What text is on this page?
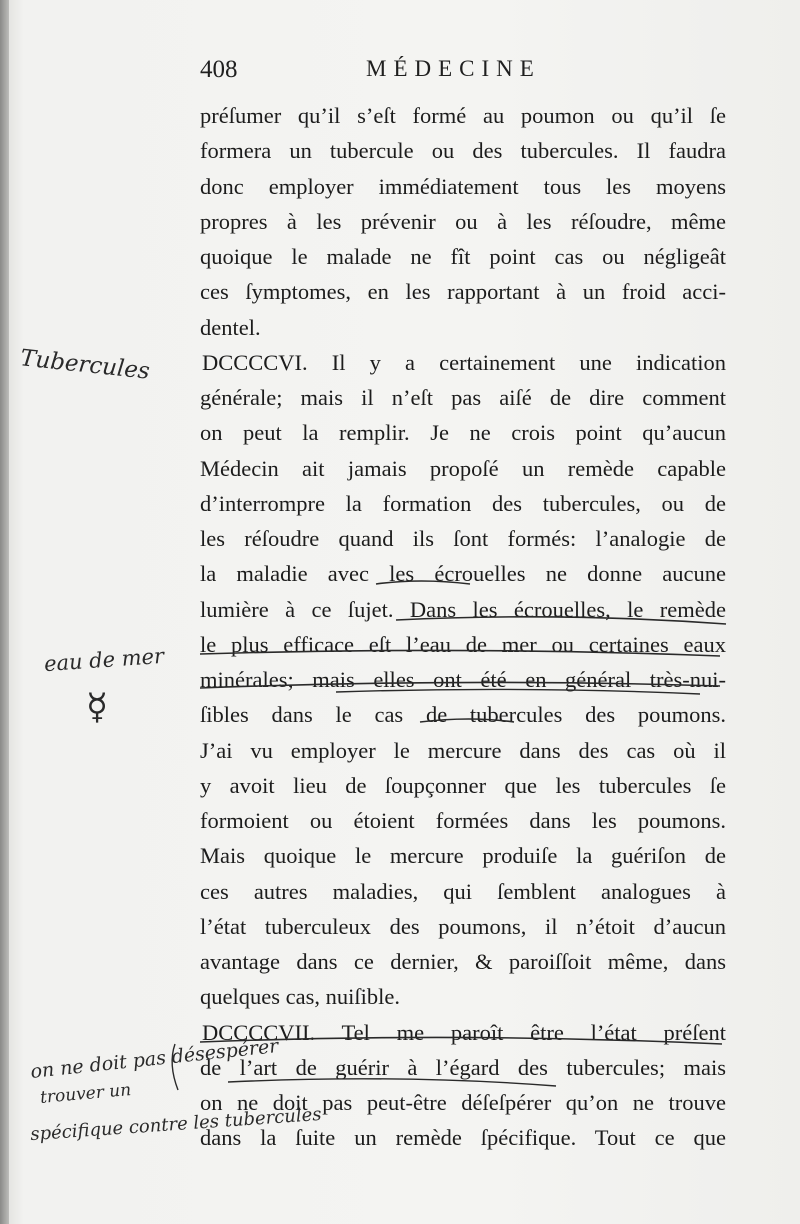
408	MÉDECINE
préſumer qu’il s’eſt formé au poumon ou qu’il ſe
formera un tubercule ou des tubercules. Il faudra
donc employer immédiatement tous les moyens
propres à les prévenir ou à les réſoudre, même
quoique le malade ne fît point cas ou négligeât
ces ſymptomes, en les rapportant à un froid acci-
dentel.
DCCCCVI. Il y a certainement une indication
générale; mais il n’eſt pas aiſé de dire comment
on peut la remplir. Je ne crois point qu’aucun
Médecin ait jamais propoſé un remède capable
d’interrompre la formation des tubercules, ou de
les réſoudre quand ils ſont formés: l’analogie de
la maladie avec les écrouelles ne donne aucune
lumière à ce ſujet. Dans les écrouelles, le remède
le plus efficace eſt l’eau de mer ou certaines eaux
minérales; mais elles ont été en général très-nui-
ſibles dans le cas de tubercules des poumons.
J’ai vu employer le mercure dans des cas où il
y avoit lieu de ſoupçonner que les tubercules ſe
formoient ou étoient formées dans les poumons.
Mais quoique le mercure produiſe la guériſon de
ces autres maladies, qui ſemblent analogues à
l’état tuberculeux des poumons, il n’étoit d’aucun
avantage dans ce dernier, & paroiſſoit même, dans
quelques cas, nuiſible.
DCCCCVII. Tel me paroît être l’état préſent
de l’art de guérir à l’égard des tubercules; mais
on ne doit pas peut-être déſeſpérer qu’on ne trouve
dans la ſuite un remède ſpécifique. Tout ce que
Tubercules
eau de mer
☿
on ne doit pas désespérer
trouver un
spécifique contre les tubercules
